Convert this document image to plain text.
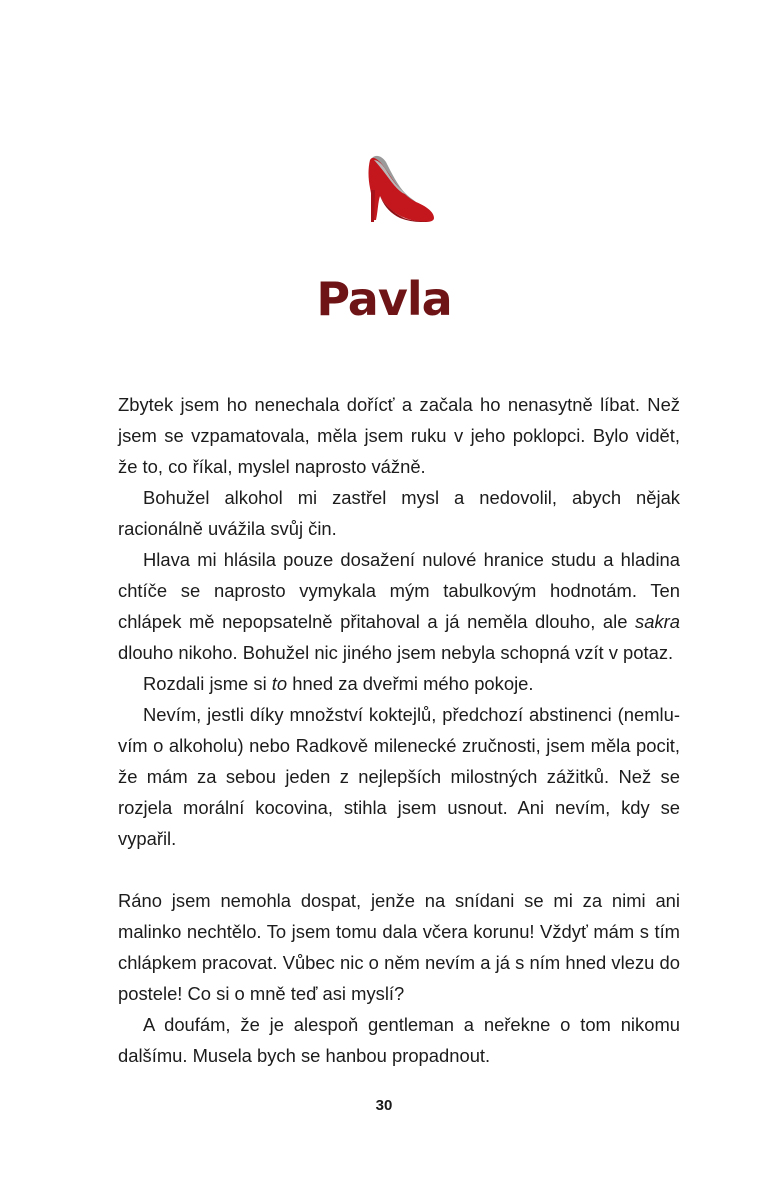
Pavla

Zbytek jsem ho nenechala dořícť a začala ho nenasytně líbat. Než jsem se vzpamatovala, měla jsem ruku v jeho poklopci. Bylo vidět, že to, co říkal, myslel naprosto vážně.

Bohužel alkohol mi zastřel mysl a nedovolil, abych nějak racionálně uvážila svůj čin.

Hlava mi hlásila pouze dosažení nulové hranice studu a hladina chtíče se naprosto vymykala mým tabulkovým hodnotám. Ten chlápek mě nepopsatelně přitahoval a já neměla dlouho, ale sakra dlouho nikoho. Bohužel nic jiného jsem nebyla schopná vzít v potaz.

Rozdali jsme si to hned za dveřmi mého pokoje.

Nevím, jestli díky množství koktejlů, předchozí abstinenci (nemluvím o alkoholu) nebo Radkově milenecké zručnosti, jsem měla pocit, že mám za sebou jeden z nejlepších milostných zážitků. Než se rozjela morální kocovina, stihla jsem usnout. Ani nevím, kdy se vypařil.

Ráno jsem nemohla dospat, jenže na snídani se mi za nimi ani malinko nechtělo. To jsem tomu dala včera korunu! Vždyť mám s tím chlápkem pracovat. Vůbec nic o něm nevím a já s ním hned vlezu do postele! Co si o mně teď asi myslí?

A doufám, že je alespoň gentleman a neřekne o tom nikomu dalšímu. Musela bych se hanbou propadnout.

30
